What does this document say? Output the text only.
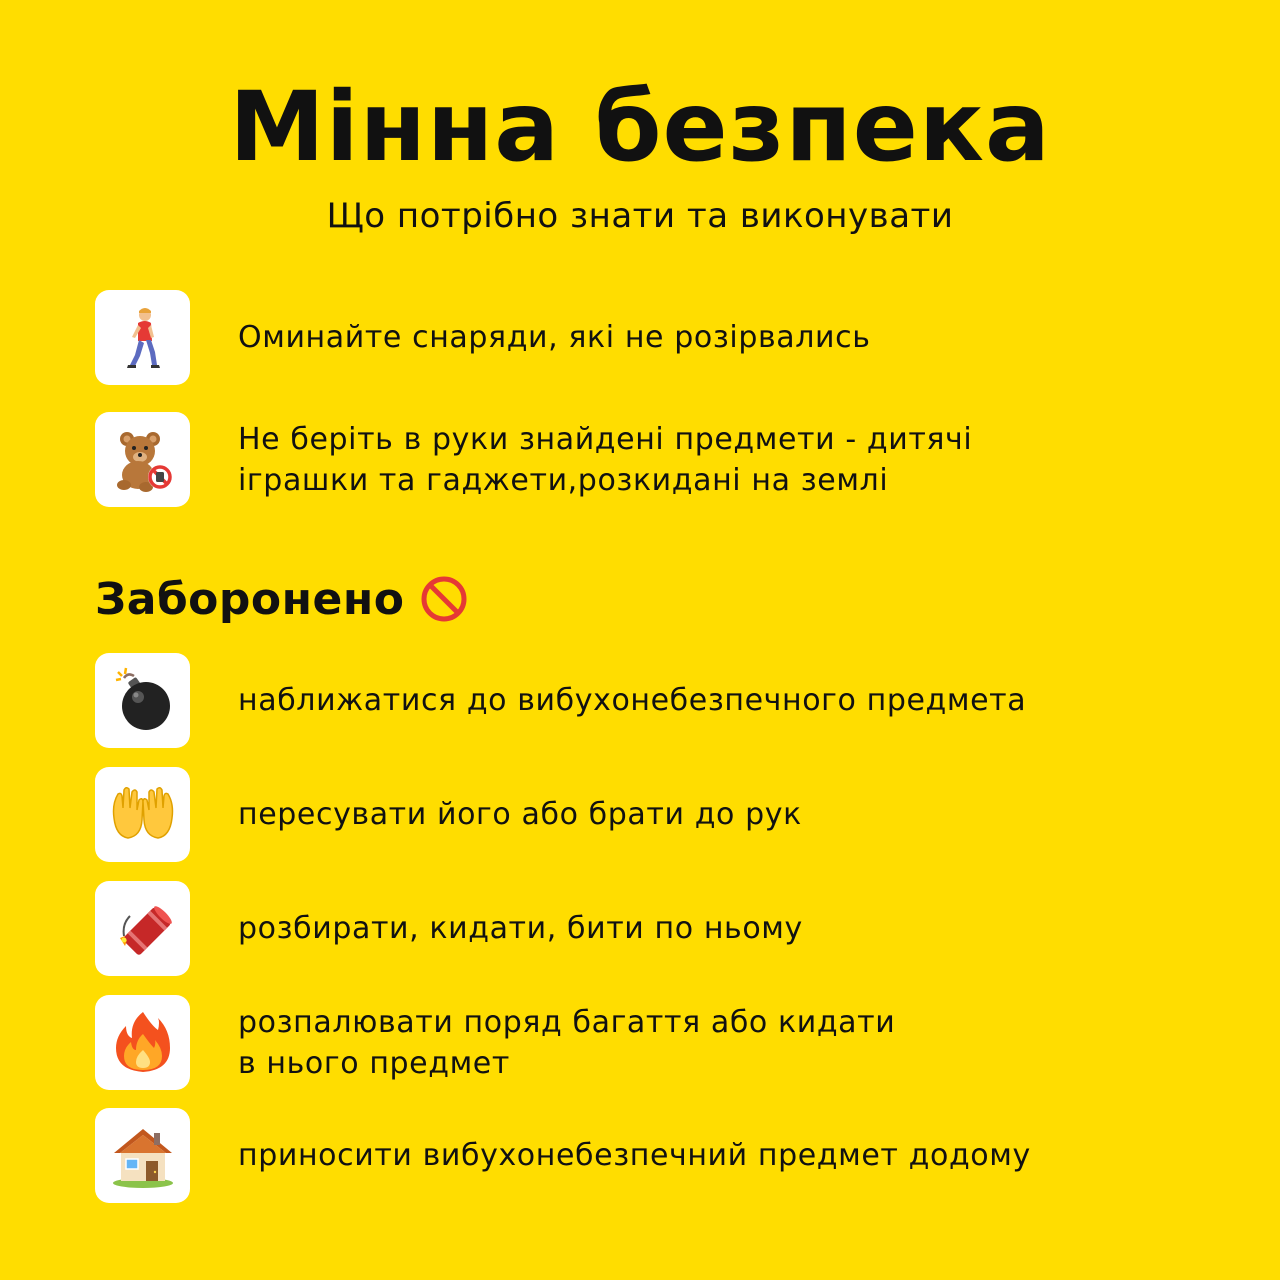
Мінна безпека
Що потрібно знати та виконувати
Оминайте снаряди, які не розірвались
Не беріть в руки знайдені предмети - дитячі
іграшки та гаджети,розкидані на землі
Заборонено
наближатися до вибухонебезпечного предмета
пересувати його або брати до рук
розбирати, кидати, бити по ньому
розпалювати поряд багаття або кидати
в нього предмет
приносити вибухонебезпечний предмет додому
